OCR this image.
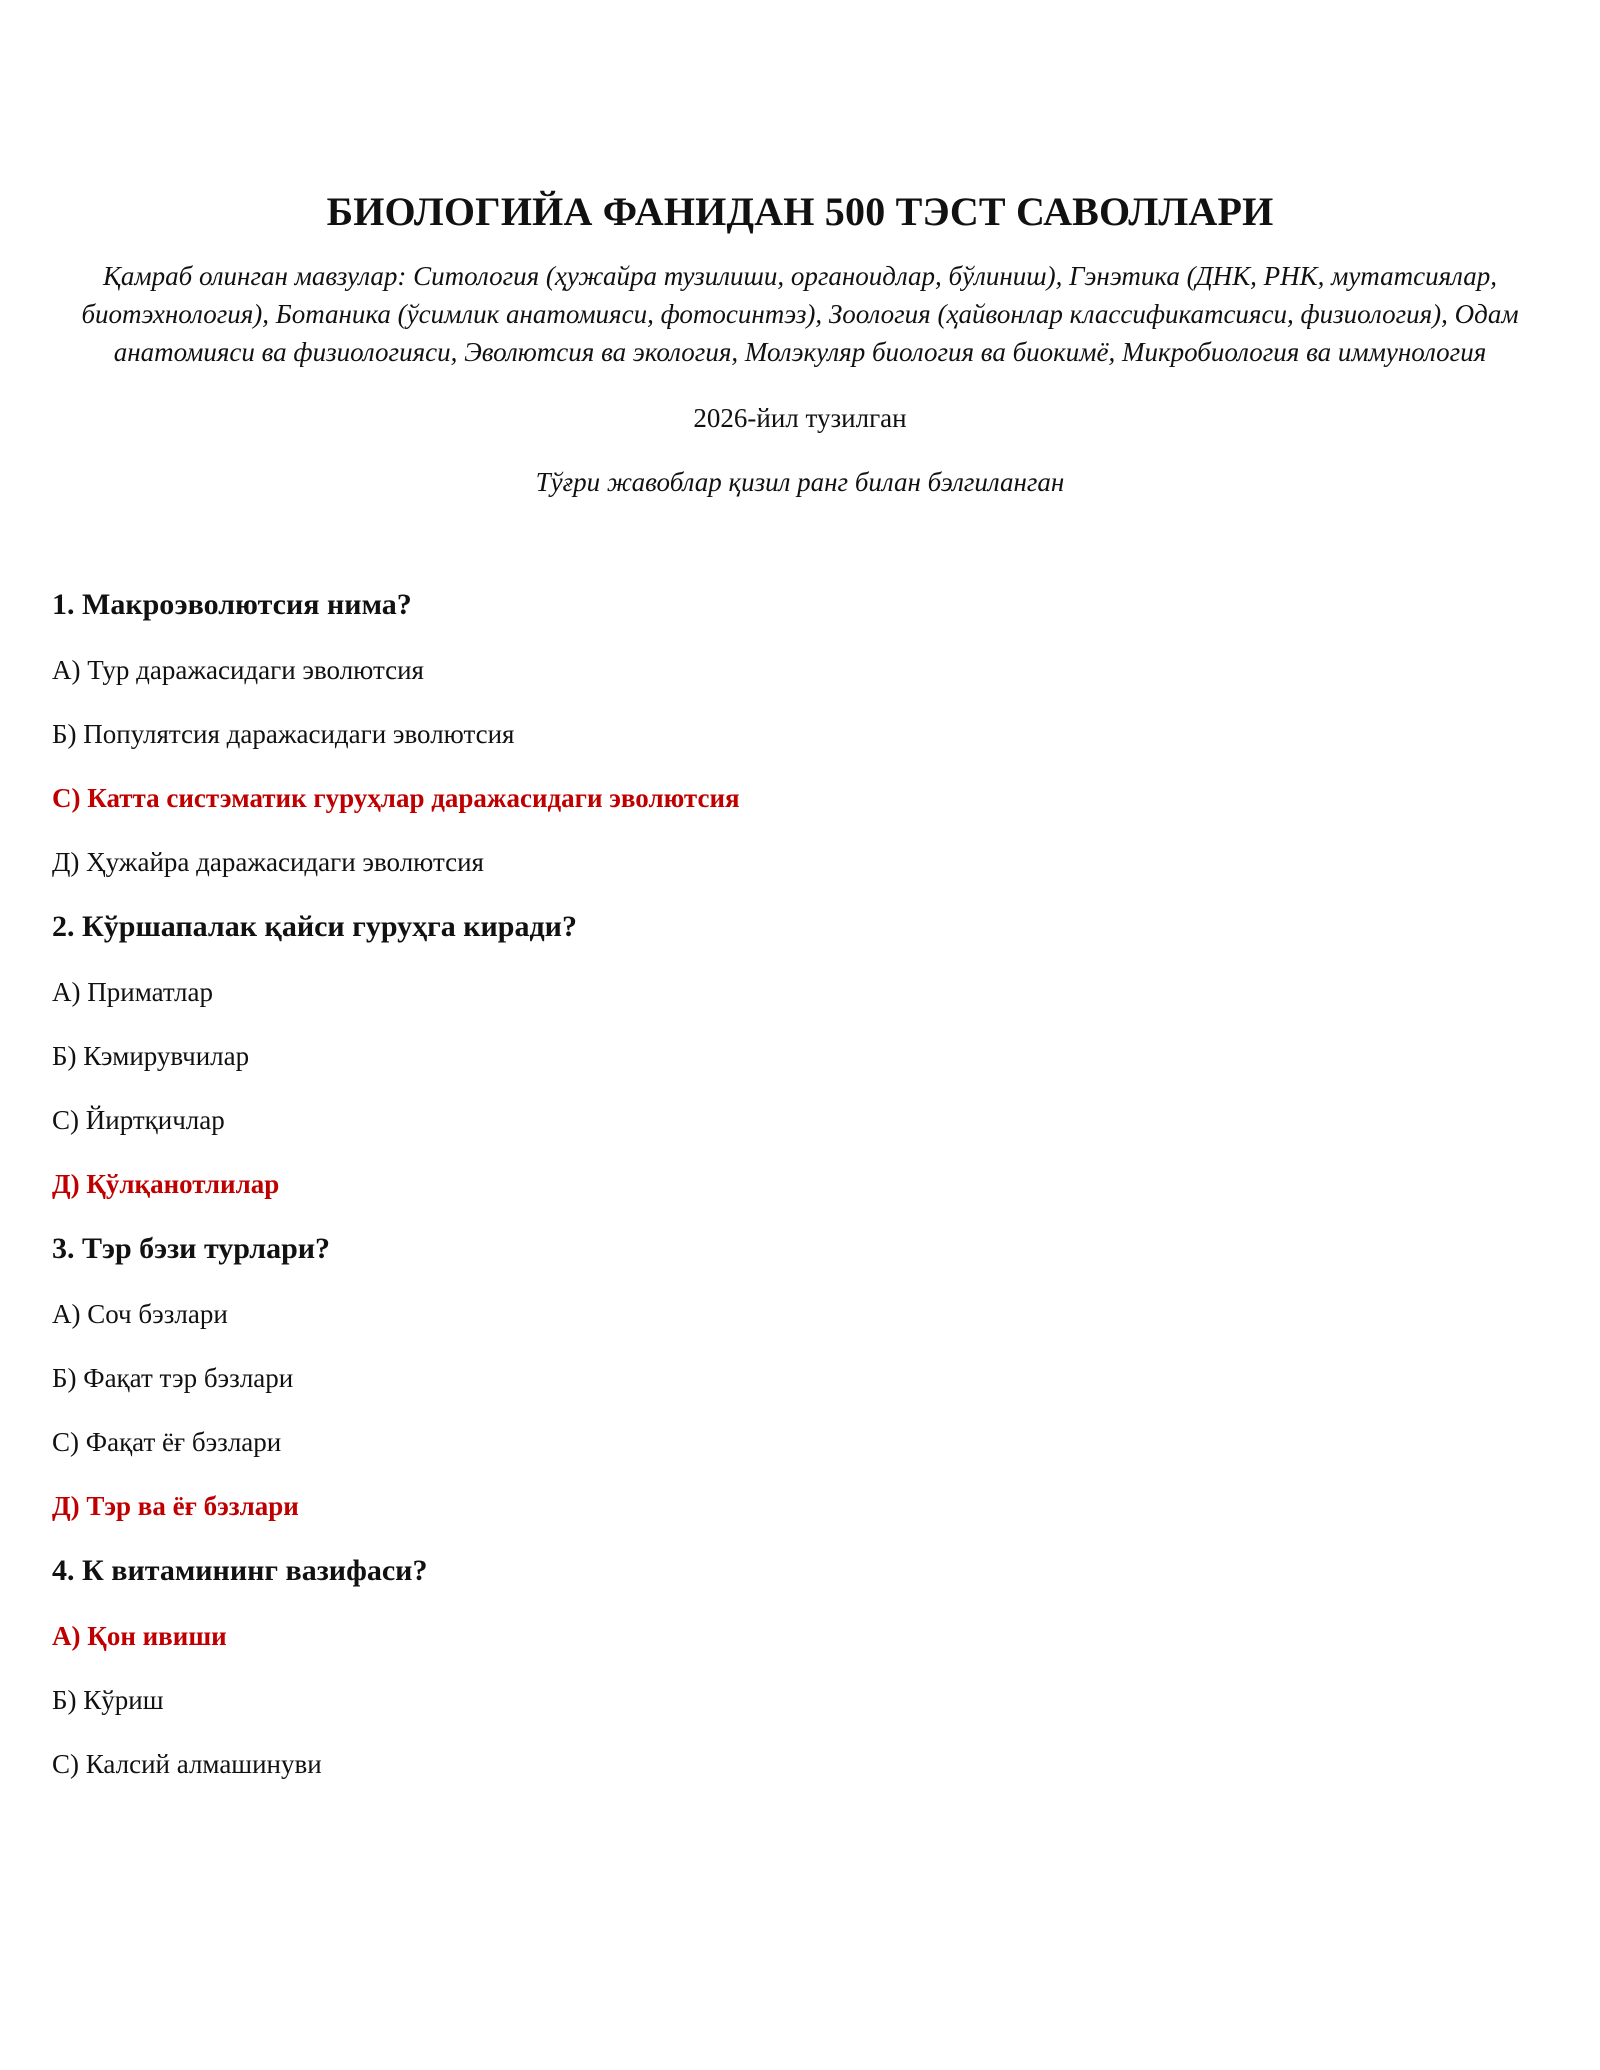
БИОЛОГИЙА ФАНИДАН 500 ТЭСТ САВОЛЛАРИ

Қамраб олинган мавзулар: Ситология (ҳужайра тузилиши, органоидлар, бўлиниш), Гэнэтика (ДНК, РНК, мутатсиялар, биотэхнология), Ботаника (ўсимлик анатомияси, фотосинтэз), Зоология (ҳайвонлар классификатсияси, физиология), Одам анатомияси ва физиологияси, Эволютсия ва экология, Молэкуляр биология ва биокимё, Микробиология ва иммунология

2026-йил тузилган

Тўғри жавоблар қизил ранг билан бэлгиланган

1. Макроэволютсия нима?

А) Тур даражасидаги эволютсия

Б) Популятсия даражасидаги эволютсия

С) Катта систэматик гуруҳлар даражасидаги эволютсия

Д) Ҳужайра даражасидаги эволютсия

2. Кўршапалак қайси гуруҳга киради?

А) Приматлар

Б) Кэмирувчилар

С) Йиртқичлар

Д) Қўлқанотлилар

3. Тэр бэзи турлари?

А) Соч бэзлари

Б) Фақат тэр бэзлари

С) Фақат ёғ бэзлари

Д) Тэр ва ёғ бэзлари

4. К витамининг вазифаси?

А) Қон ивиши

Б) Кўриш

С) Калсий алмашинуви
